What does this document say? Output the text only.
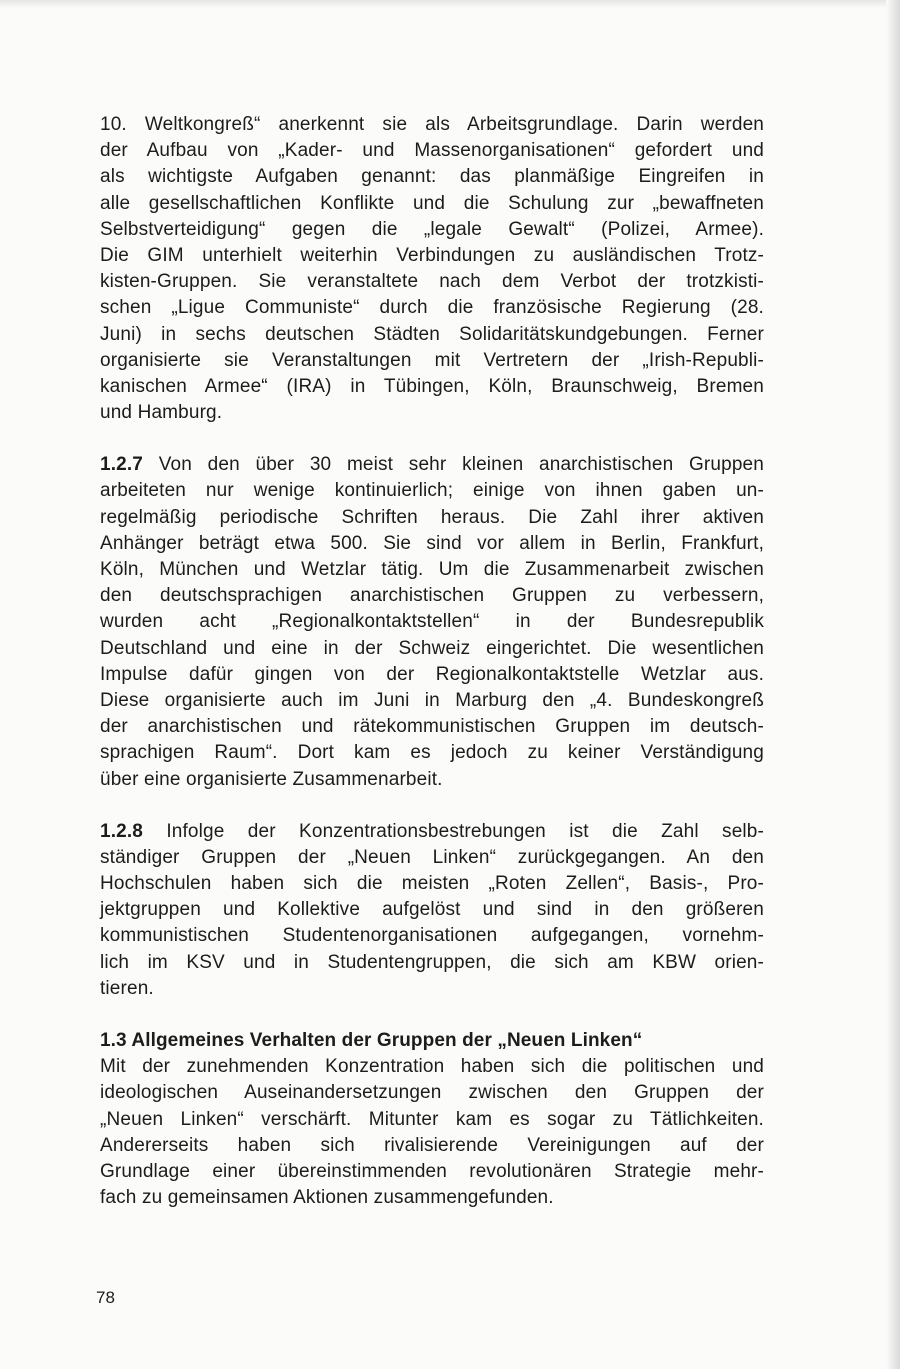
10. Weltkongreß“ anerkennt sie als Arbeitsgrundlage. Darin werden
der Aufbau von „Kader- und Massenorganisationen“ gefordert und
als wichtigste Aufgaben genannt: das planmäßige Eingreifen in
alle gesellschaftlichen Konflikte und die Schulung zur „bewaffneten
Selbstverteidigung“ gegen die „legale Gewalt“ (Polizei, Armee).
Die GIM unterhielt weiterhin Verbindungen zu ausländischen Trotz-
kisten-Gruppen. Sie veranstaltete nach dem Verbot der trotzkisti-
schen „Ligue Communiste“ durch die französische Regierung (28.
Juni) in sechs deutschen Städten Solidaritätskundgebungen. Ferner
organisierte sie Veranstaltungen mit Vertretern der „Irish-Republi-
kanischen Armee“ (IRA) in Tübingen, Köln, Braunschweig, Bremen
und Hamburg.
1.2.7 Von den über 30 meist sehr kleinen anarchistischen Gruppen
arbeiteten nur wenige kontinuierlich; einige von ihnen gaben un-
regelmäßig periodische Schriften heraus. Die Zahl ihrer aktiven
Anhänger beträgt etwa 500. Sie sind vor allem in Berlin, Frankfurt,
Köln, München und Wetzlar tätig. Um die Zusammenarbeit zwischen
den deutschsprachigen anarchistischen Gruppen zu verbessern,
wurden acht „Regionalkontaktstellen“ in der Bundesrepublik
Deutschland und eine in der Schweiz eingerichtet. Die wesentlichen
Impulse dafür gingen von der Regionalkontaktstelle Wetzlar aus.
Diese organisierte auch im Juni in Marburg den „4. Bundeskongreß
der anarchistischen und rätekommunistischen Gruppen im deutsch-
sprachigen Raum“. Dort kam es jedoch zu keiner Verständigung
über eine organisierte Zusammenarbeit.
1.2.8 Infolge der Konzentrationsbestrebungen ist die Zahl selb-
ständiger Gruppen der „Neuen Linken“ zurückgegangen. An den
Hochschulen haben sich die meisten „Roten Zellen“, Basis-, Pro-
jektgruppen und Kollektive aufgelöst und sind in den größeren
kommunistischen Studentenorganisationen aufgegangen, vornehm-
lich im KSV und in Studentengruppen, die sich am KBW orien-
tieren.
1.3 Allgemeines Verhalten der Gruppen der „Neuen Linken“
Mit der zunehmenden Konzentration haben sich die politischen und
ideologischen Auseinandersetzungen zwischen den Gruppen der
„Neuen Linken“ verschärft. Mitunter kam es sogar zu Tätlichkeiten.
Andererseits haben sich rivalisierende Vereinigungen auf der
Grundlage einer übereinstimmenden revolutionären Strategie mehr-
fach zu gemeinsamen Aktionen zusammengefunden.
78
